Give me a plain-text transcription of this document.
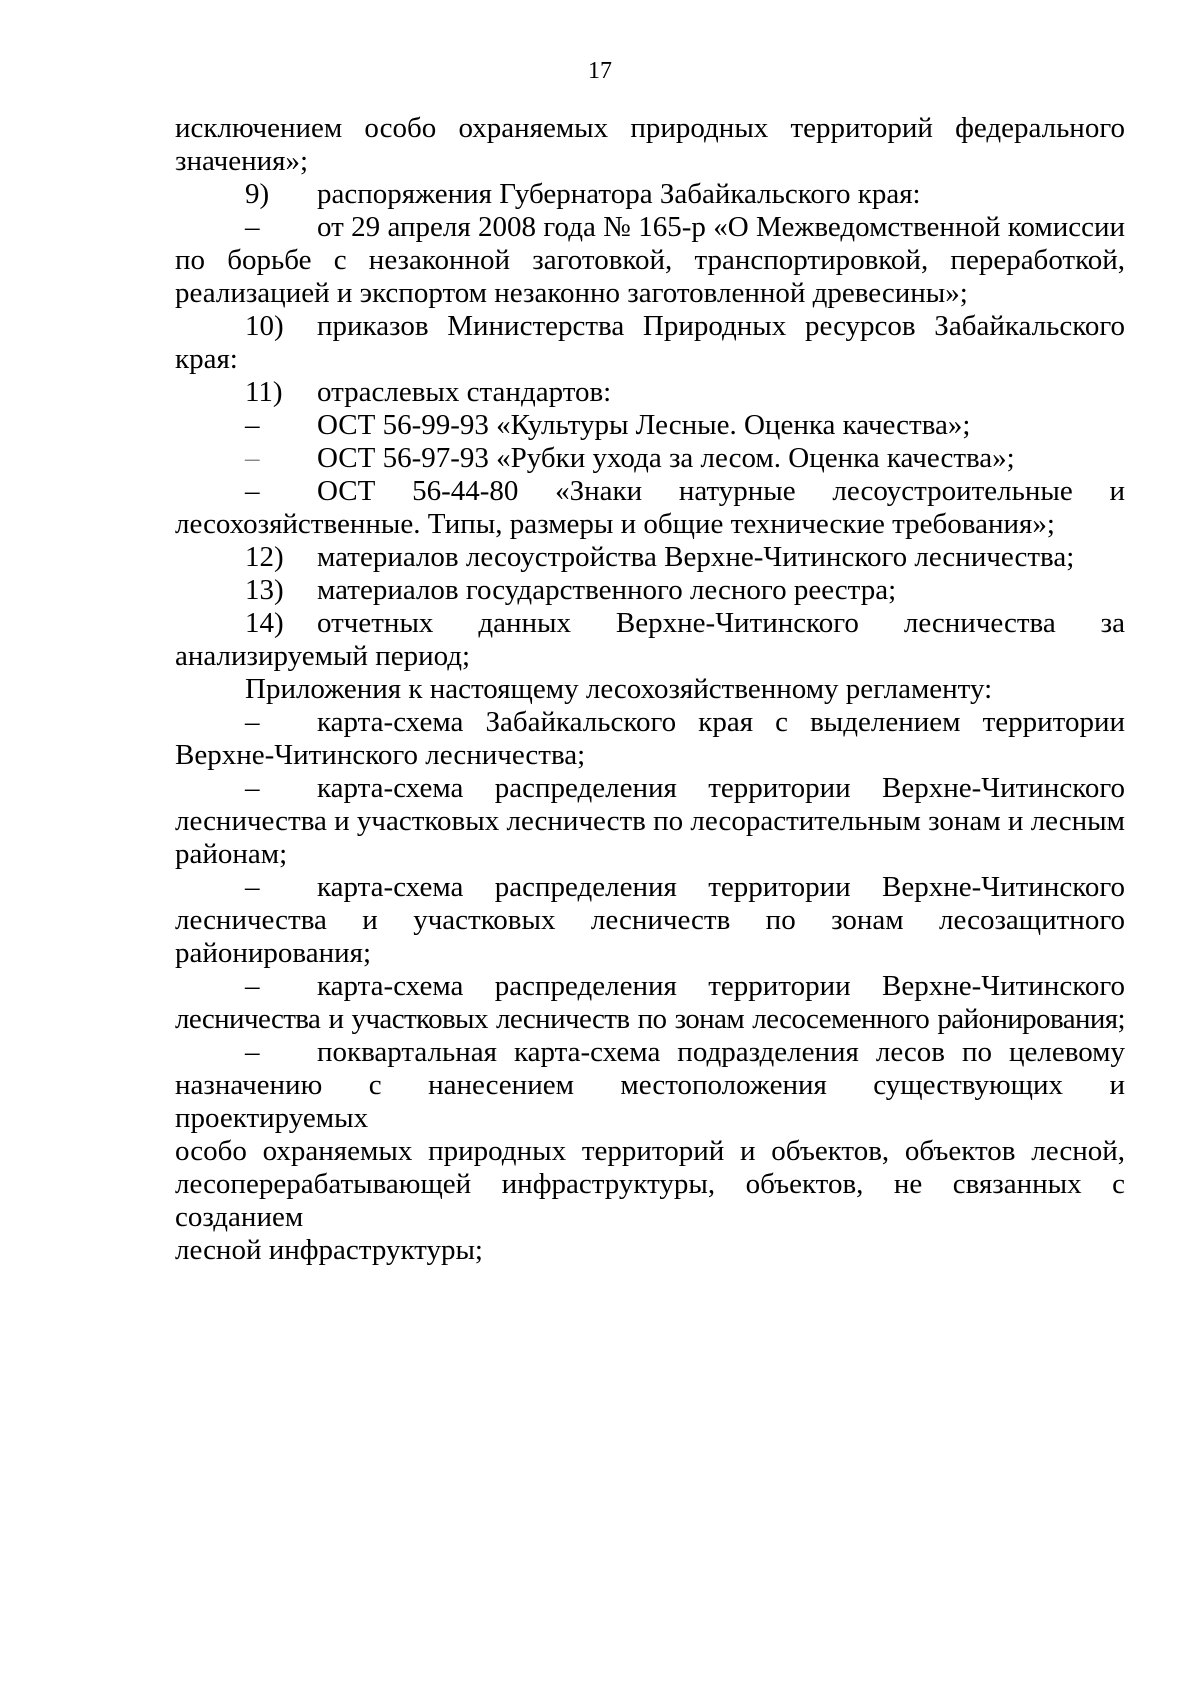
17

исключением особо охраняемых природных территорий федерального

значения»;

9) распоряжения Губернатора Забайкальского края:

– от 29 апреля 2008 года № 165-р «О Межведомственной комиссии

по борьбе с незаконной заготовкой, транспортировкой, переработкой,

реализацией и экспортом незаконно заготовленной древесины»;

10) приказов Министерства Природных ресурсов Забайкальского

края:

11) отраслевых стандартов:

– ОСТ 56-99-93 «Культуры Лесные. Оценка качества»;

– ОСТ 56-97-93 «Рубки ухода за лесом. Оценка качества»;

– ОСТ 56-44-80 «Знаки натурные лесоустроительные и

лесохозяйственные. Типы, размеры и общие технические требования»;

12) материалов лесоустройства Верхне-Читинского лесничества;

13) материалов государственного лесного реестра;

14) отчетных данных Верхне-Читинского лесничества за

анализируемый период;

Приложения к настоящему лесохозяйственному регламенту:

– карта-схема Забайкальского края с выделением территории

Верхне-Читинского лесничества;

– карта-схема распределения территории Верхне-Читинского

лесничества и участковых лесничеств по лесорастительным зонам и лесным

районам;

– карта-схема распределения территории Верхне-Читинского

лесничества и участковых лесничеств по зонам лесозащитного

районирования;

– карта-схема распределения территории Верхне-Читинского

лесничества и участковых лесничеств по зонам лесосеменного районирования;

– поквартальная карта-схема подразделения лесов по целевому

назначению с нанесением местоположения существующих и проектируемых

особо охраняемых природных территорий и объектов, объектов лесной,

лесоперерабатывающей инфраструктуры, объектов, не связанных с созданием

лесной инфраструктуры;
